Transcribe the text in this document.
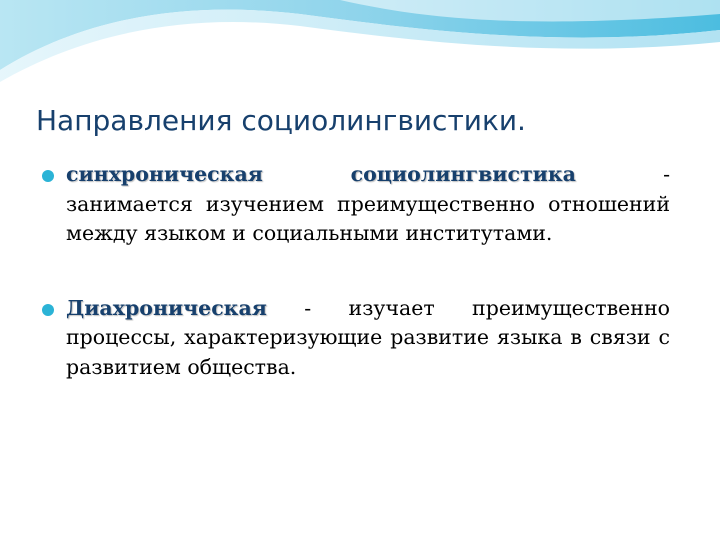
Направления социолингвистики.
синхроническая социолингвистика	-
занимается изучением преимущественно отношений между языком и социальными институтами.
Диахроническая - изучает преимущественно процессы, характеризующие развитие языка в связи с развитием общества.
